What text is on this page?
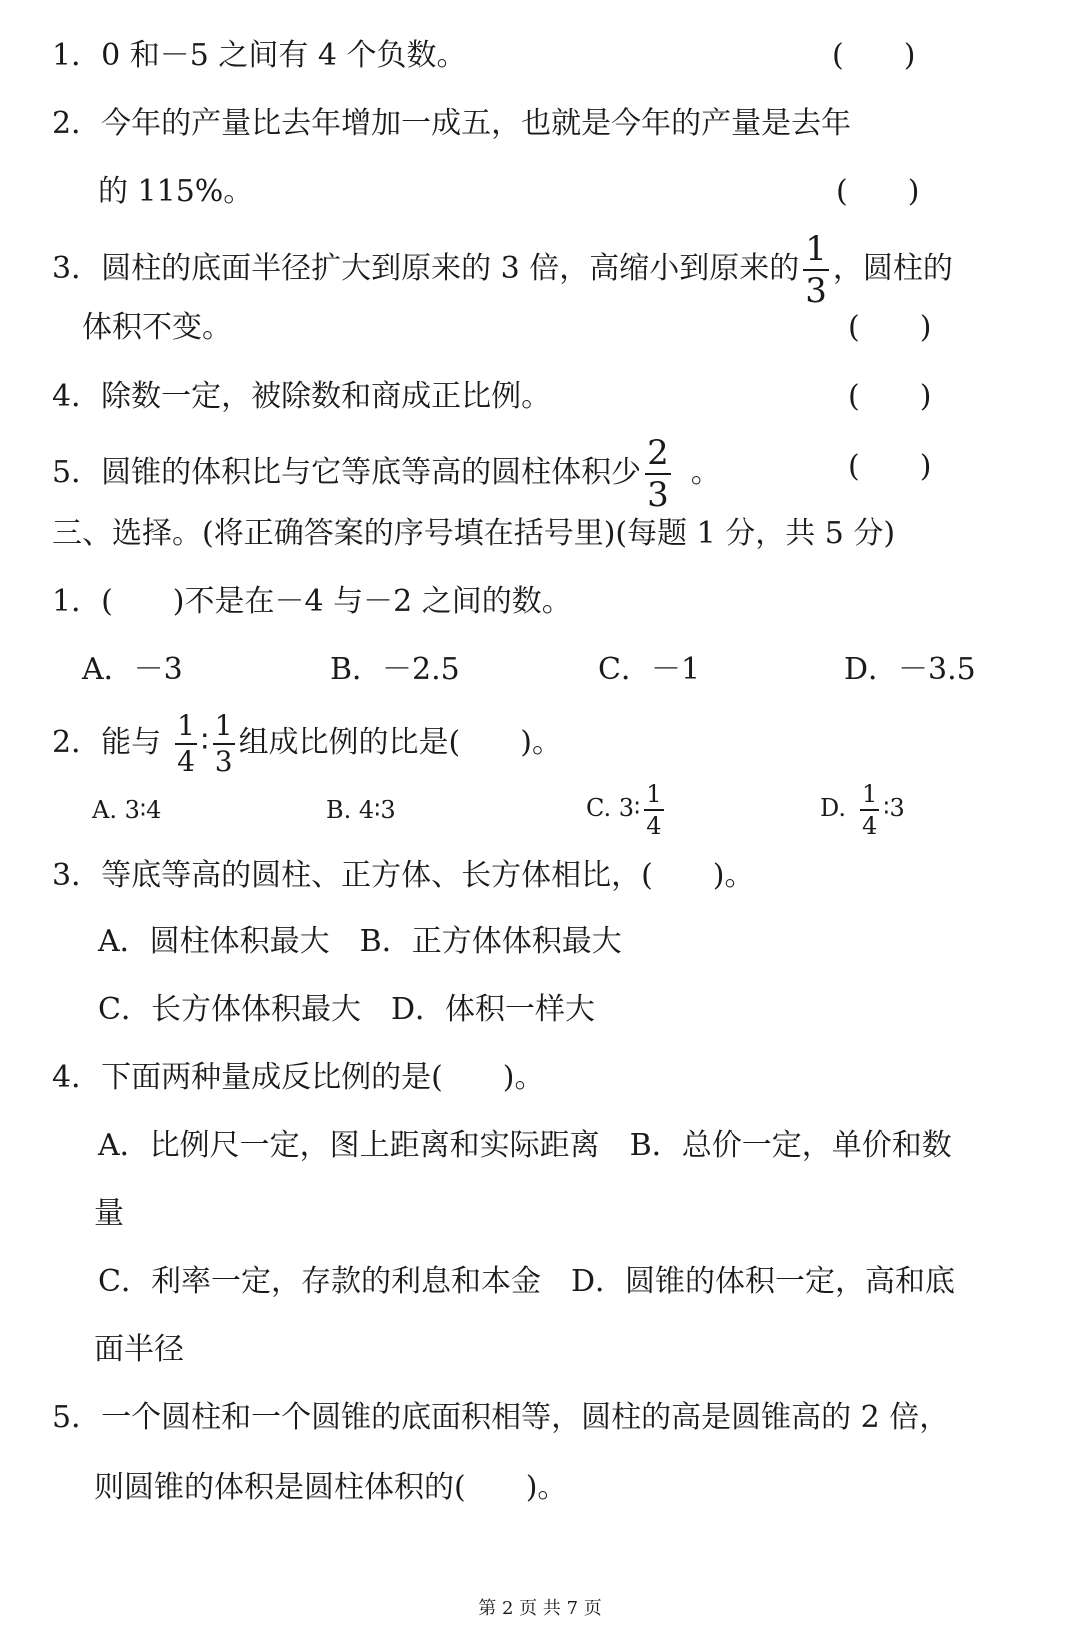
1．0 和－5 之间有 4 个负数。	(　　)
2．今年的产量比去年增加一成五，也就是今年的产量是去年
的 115%。	(　　)
3．圆柱的底面半径扩大到原来的 3 倍，高缩小到原来的 $\frac{1}{3}$ ，圆柱的
体积不变。	(　　)
4．除数一定，被除数和商成正比例。	(　　)
5．圆锥的体积比与它等底等高的圆柱体积少 $\frac{2}{3}$ 。	(　　)
三、选择。(将正确答案的序号填在括号里)(每题 1 分，共 5 分)
1．(　　)不是在－4 与－2 之间的数。
A．－3	B．－2.5	C．－1	D．－3.5
2．能与 $\frac{1}{4}$ ∶ $\frac{1}{3}$ 组成比例的比是(　　)。
A. 3∶4	B. 4∶3	C. 3∶ $\frac{1}{4}$	D. $\frac{1}{4}$ ∶3
3．等底等高的圆柱、正方体、长方体相比，(　　)。
A．圆柱体积最大　B．正方体体积最大
C．长方体体积最大　D．体积一样大
4．下面两种量成反比例的是(　　)。
A．比例尺一定，图上距离和实际距离　B．总价一定，单价和数
量
C．利率一定，存款的利息和本金　D．圆锥的体积一定，高和底
面半径
5．一个圆柱和一个圆锥的底面积相等，圆柱的高是圆锥高的 2 倍，
则圆锥的体积是圆柱体积的(　　)。
第 2 页 共 7 页
